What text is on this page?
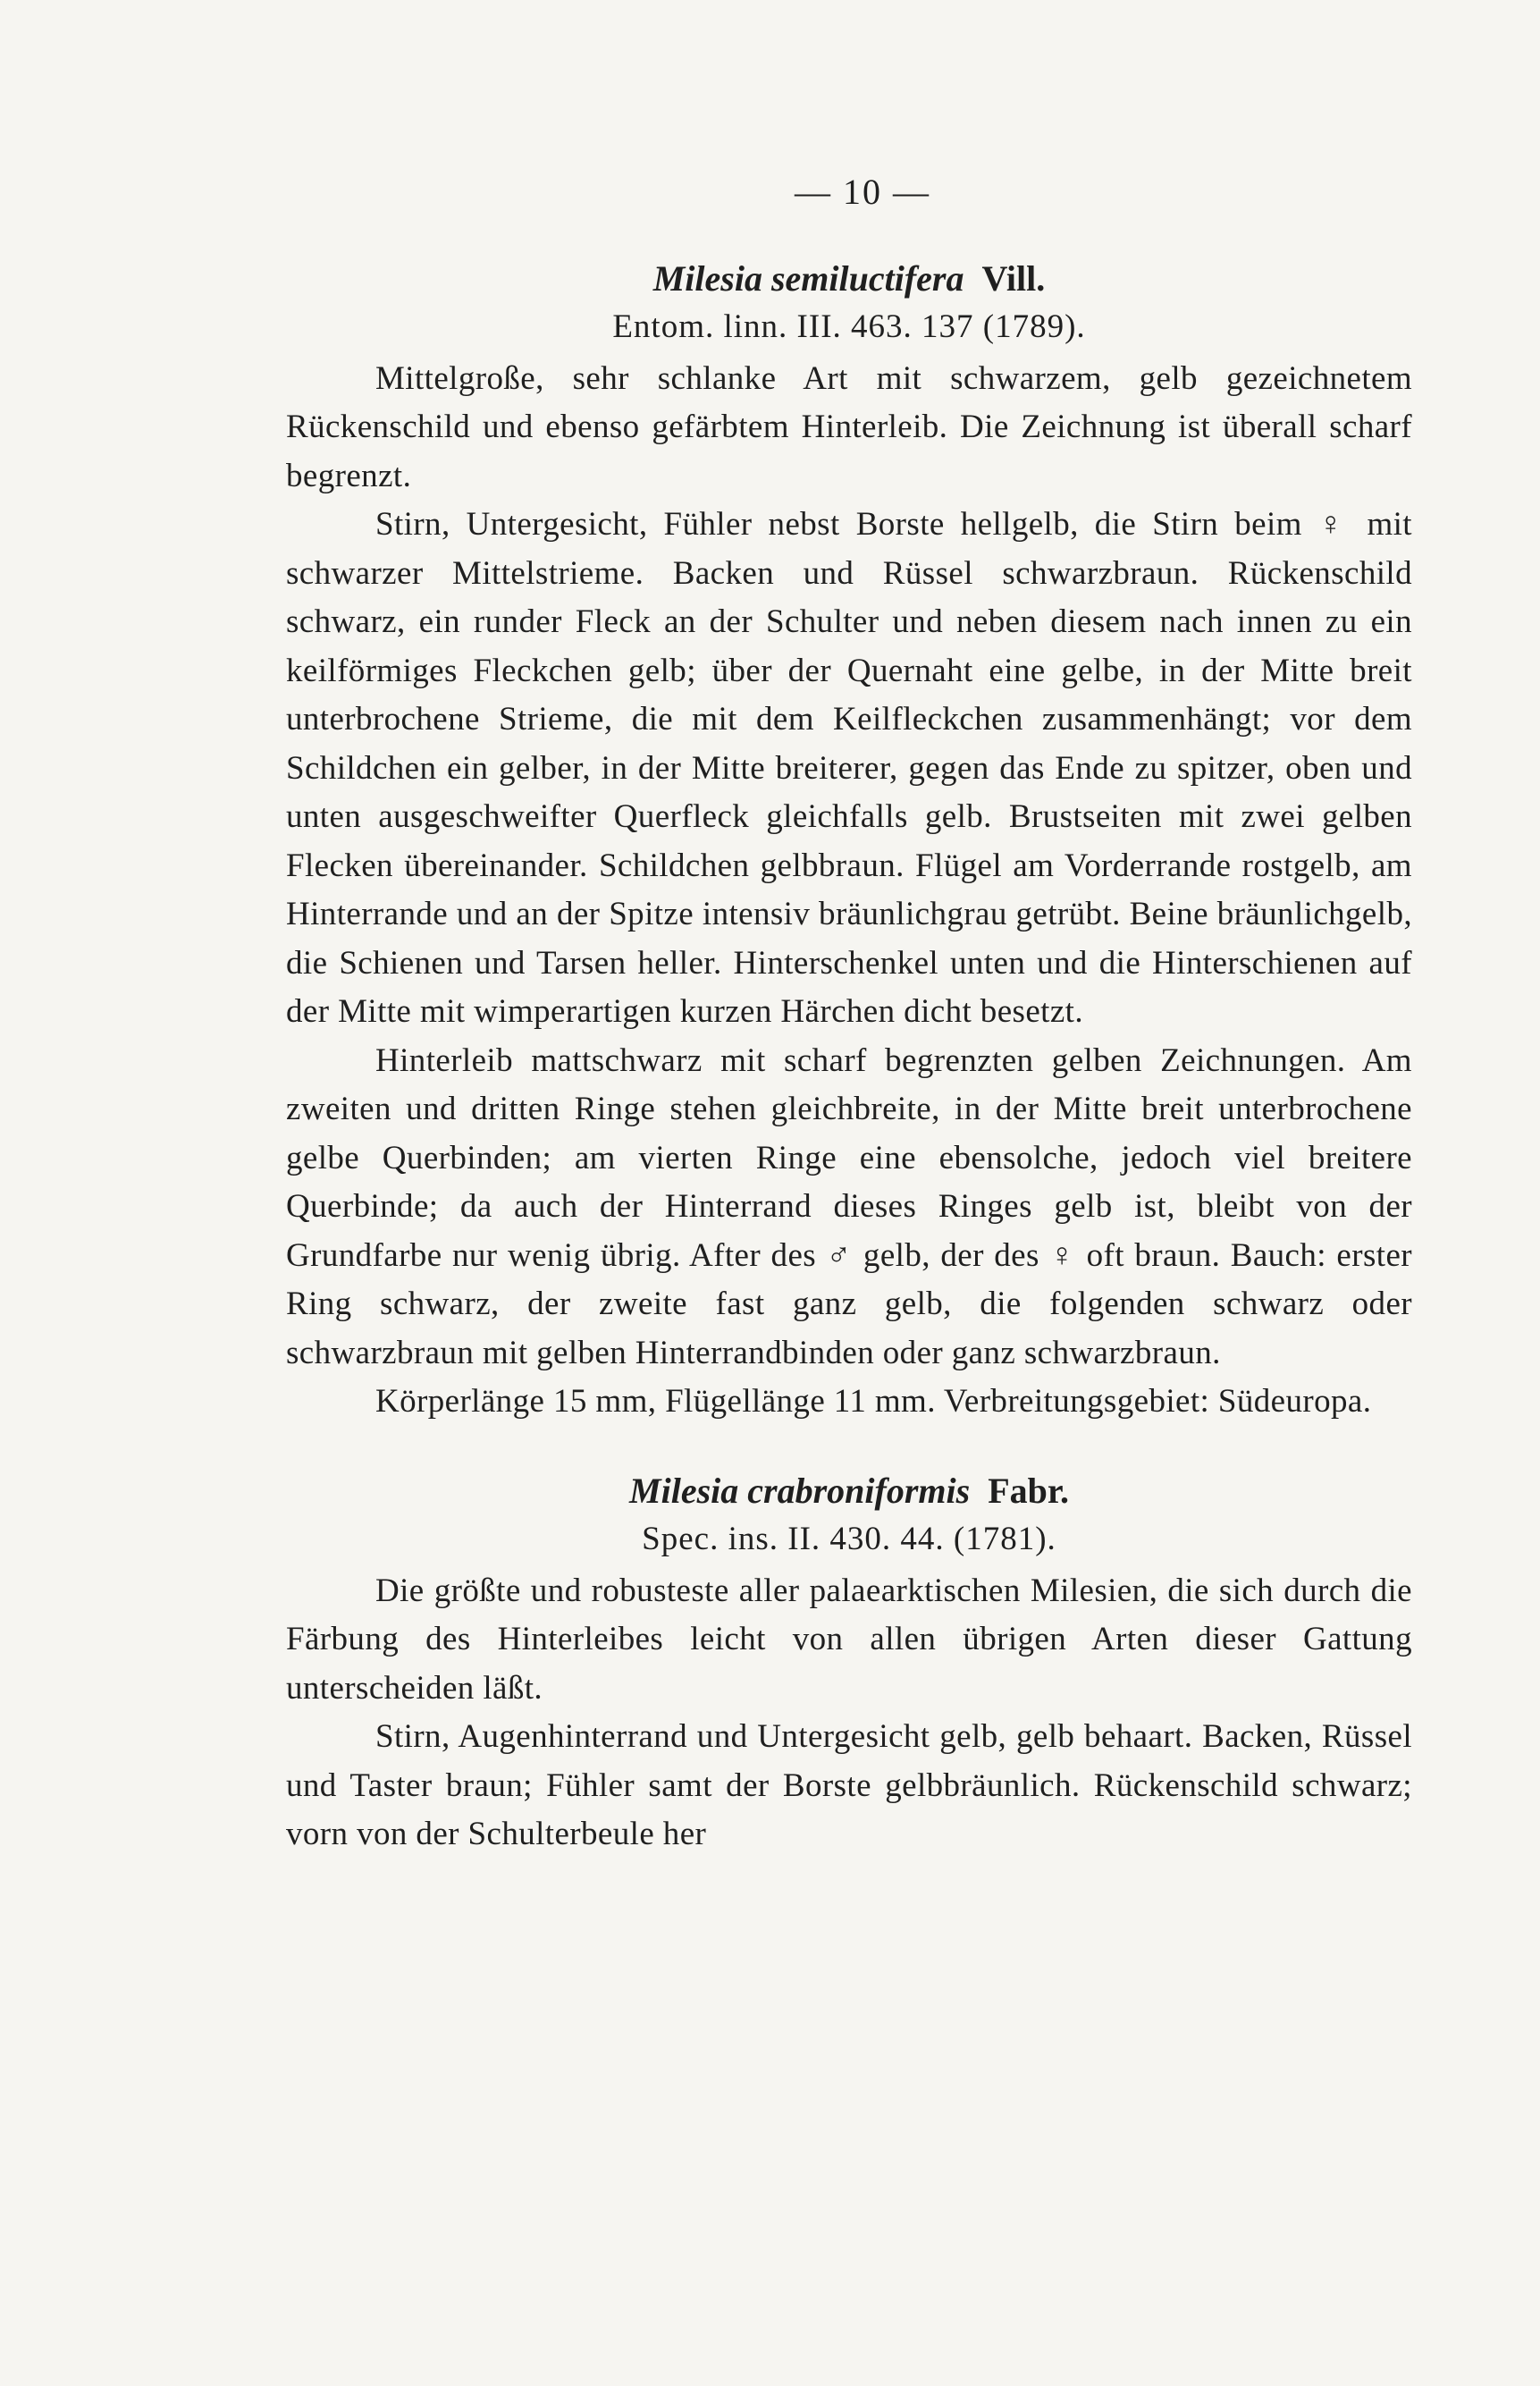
— 10 —
Milesia semiluctifera Vill.
Entom. linn. III. 463. 137 (1789).

Mittelgroße, sehr schlanke Art mit schwarzem, gelb gezeichnetem Rückenschild und ebenso gefärbtem Hinterleib. Die Zeichnung ist überall scharf begrenzt.

Stirn, Untergesicht, Fühler nebst Borste hellgelb, die Stirn beim ♀ mit schwarzer Mittelstrieme. Backen und Rüssel schwarzbraun. Rückenschild schwarz, ein runder Fleck an der Schulter und neben diesem nach innen zu ein keilförmiges Fleckchen gelb; über der Quernaht eine gelbe, in der Mitte breit unterbrochene Strieme, die mit dem Keilfleckchen zusammenhängt; vor dem Schildchen ein gelber, in der Mitte breiterer, gegen das Ende zu spitzer, oben und unten ausgeschweifter Querfleck gleichfalls gelb. Brustseiten mit zwei gelben Flecken übereinander. Schildchen gelbbraun. Flügel am Vorderrande rostgelb, am Hinterrande und an der Spitze intensiv bräunlichgrau getrübt. Beine bräunlichgelb, die Schienen und Tarsen heller. Hinterschenkel unten und die Hinterschienen auf der Mitte mit wimperartigen kurzen Härchen dicht besetzt.

Hinterleib mattschwarz mit scharf begrenzten gelben Zeichnungen. Am zweiten und dritten Ringe stehen gleichbreite, in der Mitte breit unterbrochene gelbe Querbinden; am vierten Ringe eine ebensolche, jedoch viel breitere Querbinde; da auch der Hinterrand dieses Ringes gelb ist, bleibt von der Grundfarbe nur wenig übrig. After des ♂ gelb, der des ♀ oft braun. Bauch: erster Ring schwarz, der zweite fast ganz gelb, die folgenden schwarz oder schwarzbraun mit gelben Hinterrandbinden oder ganz schwarzbraun.

Körperlänge 15 mm, Flügellänge 11 mm. Verbreitungsgebiet: Südeuropa.

Milesia crabroniformis Fabr.
Spec. ins. II. 430. 44. (1781).

Die größte und robusteste aller palaearktischen Milesien, die sich durch die Färbung des Hinterleibes leicht von allen übrigen Arten dieser Gattung unterscheiden läßt.

Stirn, Augenhinterrand und Untergesicht gelb, gelb behaart. Backen, Rüssel und Taster braun; Fühler samt der Borste gelbbräunlich. Rückenschild schwarz; vorn von der Schulterbeule her
